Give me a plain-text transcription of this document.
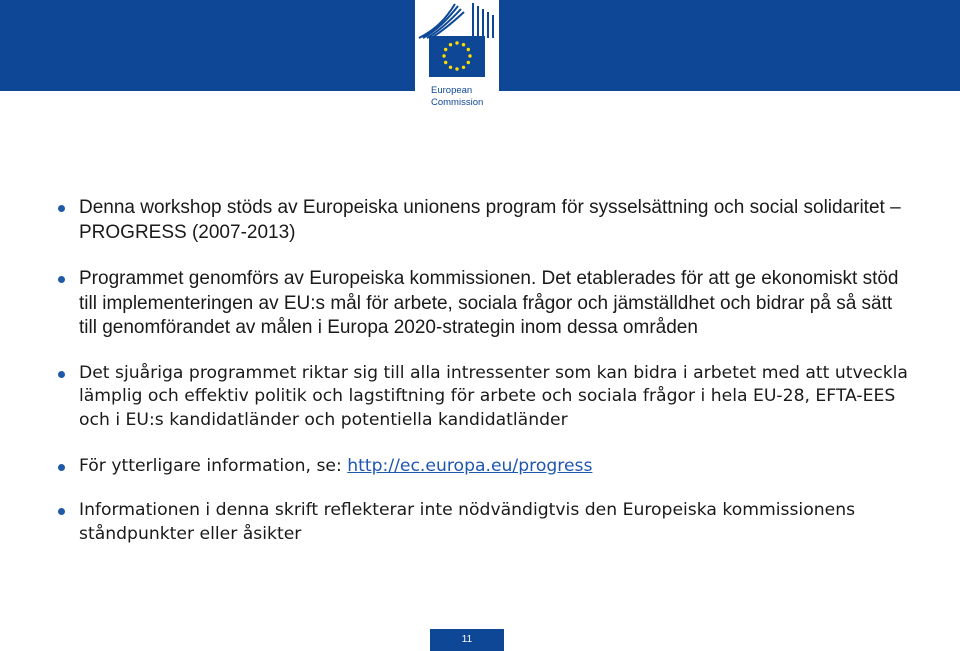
European
Commission
Denna workshop stöds av Europeiska unionens program för sysselsättning och social solidaritet – PROGRESS (2007-2013)
Programmet genomförs av Europeiska kommissionen. Det etablerades för att ge ekonomiskt stöd till implementeringen av EU:s mål för arbete, sociala frågor och jämställdhet och bidrar på så sätt till genomförandet av målen i Europa 2020-strategin inom dessa områden
Det sjuåriga programmet riktar sig till alla intressenter som kan bidra i arbetet med att utveckla lämplig och effektiv politik och lagstiftning för arbete och sociala frågor i hela EU-28, EFTA-EES och i EU:s kandidatländer och potentiella kandidatländer
För ytterligare information, se: http://ec.europa.eu/progress
Informationen i denna skrift reflekterar inte nödvändigtvis den Europeiska kommissionens ståndpunkter eller åsikter
11
